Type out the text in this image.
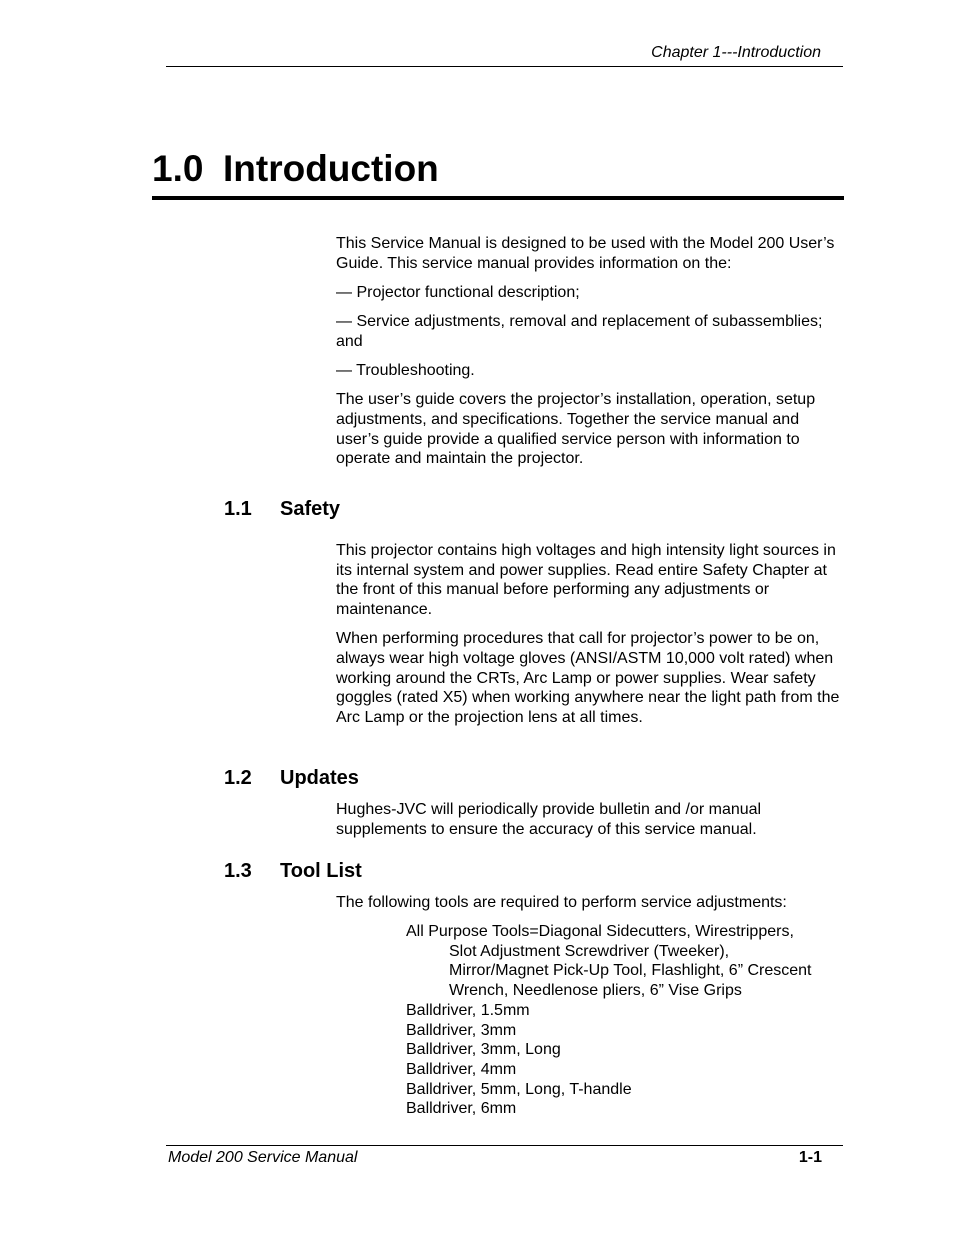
Chapter 1---Introduction
1.0 Introduction

This Service Manual is designed to be used with the Model 200 User’s Guide. This service manual provides information on the:

— Projector functional description;

— Service adjustments, removal and replacement of subassemblies; and

— Troubleshooting.

The user’s guide covers the projector’s installation, operation, setup adjustments, and specifications. Together the service manual and user’s guide provide a qualified service person with information to operate and maintain the projector.

1.1 Safety

This projector contains high voltages and high intensity light sources in its internal system and power supplies. Read entire Safety Chapter at the front of this manual before performing any adjustments or maintenance.

When performing procedures that call for projector’s power to be on, always wear high voltage gloves (ANSI/ASTM 10,000 volt rated) when working around the CRTs, Arc Lamp or power supplies. Wear safety goggles (rated X5) when working anywhere near the light path from the Arc Lamp or the projection lens at all times.

1.2 Updates

Hughes-JVC will periodically provide bulletin and /or manual supplements to ensure the accuracy of this service manual.

1.3 Tool List

The following tools are required to perform service adjustments:

All Purpose Tools=Diagonal Sidecutters, Wirestrippers,
Slot Adjustment Screwdriver (Tweeker),
Mirror/Magnet Pick-Up Tool, Flashlight, 6” Crescent
Wrench, Needlenose pliers, 6” Vise Grips
Balldriver, 1.5mm
Balldriver, 3mm
Balldriver, 3mm, Long
Balldriver, 4mm
Balldriver, 5mm, Long, T-handle
Balldriver, 6mm
Model 200 Service Manual	1-1
